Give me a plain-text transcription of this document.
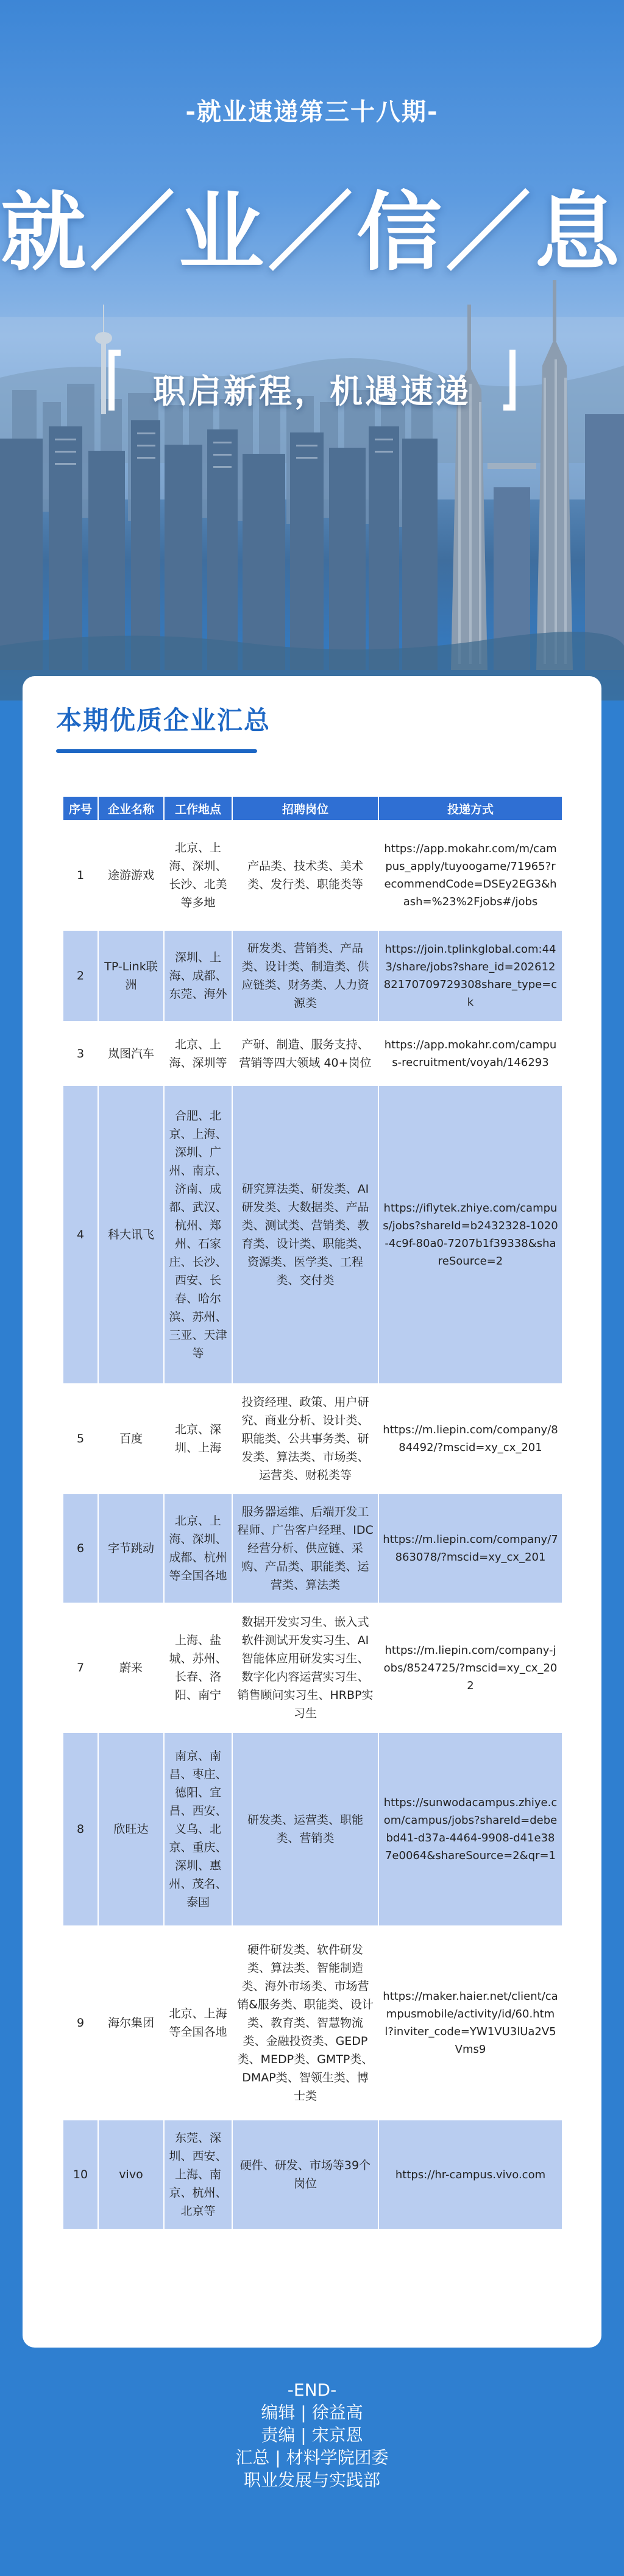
-就业速递第三十八期-
就／业／信／息
职启新程，机遇速递
本期优质企业汇总
序号	企业名称	工作地点	招聘岗位	投递方式
1	途游游戏	北京、上海、深圳、长沙、北美等多地	产品类、技术类、美术类、发行类、职能类等	https://app.mokahr.com/m/campus_apply/tuyoogame/71965?recommendCode=DSEy2EG3&hash=%23%2Fjobs#/jobs
2	TP-Link联洲	深圳、上海、成都、东莞、海外	研发类、营销类、产品类、设计类、制造类、供应链类、财务类、人力资源类	https://join.tplinkglobal.com:443/share/jobs?share_id=20261282170709729308share_type=ck
3	岚图汽车	北京、上海、深圳等	产研、制造、服务支持、营销等四大领域 40+岗位	https://app.mokahr.com/campus-recruitment/voyah/146293
4	科大讯飞	合肥、北京、上海、深圳、广州、南京、济南、成都、武汉、杭州、郑州、石家庄、长沙、西安、长春、哈尔滨、苏州、三亚、天津等	研究算法类、研发类、AI研发类、大数据类、产品类、测试类、营销类、教育类、设计类、职能类、资源类、医学类、工程类、交付类	https://iflytek.zhiye.com/campus/jobs?shareId=b2432328-1020-4c9f-80a0-7207b1f39338&shareSource=2
5	百度	北京、深圳、上海	投资经理、政策、用户研究、商业分析、设计类、职能类、公共事务类、研发类、算法类、市场类、运营类、财税类等	https://m.liepin.com/company/884492/?mscid=xy_cx_201
6	字节跳动	北京、上海、深圳、成都、杭州等全国各地	服务器运维、后端开发工程师、广告客户经理、IDC经营分析、供应链、采购、产品类、职能类、运营类、算法类	https://m.liepin.com/company/7863078/?mscid=xy_cx_201
7	蔚来	上海、盐城、苏州、长春、洛阳、南宁	数据开发实习生、嵌入式软件测试开发实习生、AI智能体应用研发实习生、数字化内容运营实习生、销售顾问实习生、HRBP实习生	https://m.liepin.com/company-jobs/8524725/?mscid=xy_cx_202
8	欣旺达	南京、南昌、枣庄、德阳、宜昌、西安、义乌、北京、重庆、深圳、惠州、茂名、泰国	研发类、运营类、职能类、营销类	https://sunwodacampus.zhiye.com/campus/jobs?shareId=debebd41-d37a-4464-9908-d41e387e0064&shareSource=2&qr=1
9	海尔集团	北京、上海等全国各地	硬件研发类、软件研发类、算法类、智能制造类、海外市场类、市场营销&服务类、职能类、设计类、教育类、智慧物流类、金融投资类、GEDP类、MEDP类、GMTP类、DMAP类、智领生类、博士类	https://maker.haier.net/client/campusmobile/activity/id/60.html?inviter_code=YW1VU3lUa2V5Vms9
10	vivo	东莞、深圳、西安、上海、南京、杭州、北京等	硬件、研发、市场等39个岗位	https://hr-campus.vivo.com
-END-
编辑 | 徐益高
责编 | 宋京恩
汇总 | 材料学院团委
职业发展与实践部
